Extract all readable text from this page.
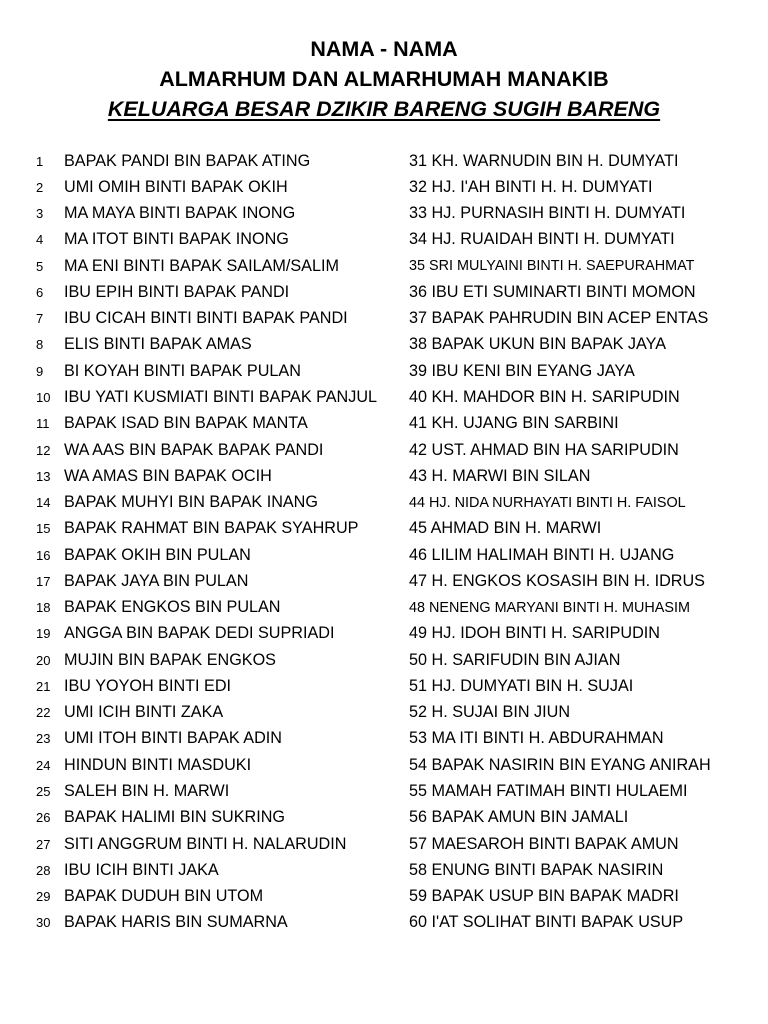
NAMA - NAMA
ALMARHUM DAN ALMARHUMAH MANAKIB
KELUARGA BESAR DZIKIR BARENG SUGIH BARENG
1	BAPAK PANDI BIN BAPAK ATING
2	UMI OMIH BINTI BAPAK OKIH
3	MA MAYA BINTI BAPAK INONG
4	MA ITOT BINTI BAPAK INONG
5	MA ENI BINTI BAPAK SAILAM/SALIM
6	IBU EPIH BINTI BAPAK PANDI
7	IBU CICAH BINTI BINTI BAPAK PANDI
8	ELIS BINTI BAPAK AMAS
9	BI KOYAH BINTI BAPAK PULAN
10 IBU YATI KUSMIATI BINTI BAPAK PANJUL
11 BAPAK ISAD BIN BAPAK MANTA
12 WA AAS BIN BAPAK BAPAK PANDI
13 WA AMAS BIN BAPAK OCIH
14 BAPAK MUHYI BIN BAPAK INANG
15 BAPAK RAHMAT BIN BAPAK SYAHRUP
16 BAPAK OKIH BIN PULAN
17 BAPAK JAYA BIN PULAN
18 BAPAK ENGKOS BIN PULAN
19 ANGGA BIN BAPAK DEDI SUPRIADI
20 MUJIN BIN BAPAK ENGKOS
21 IBU YOYOH BINTI EDI
22 UMI ICIH BINTI ZAKA
23 UMI ITOH BINTI BAPAK ADIN
24 HINDUN BINTI MASDUKI
25 SALEH BIN H. MARWI
26 BAPAK HALIMI BIN SUKRING
27 SITI ANGGRUM BINTI H. NALARUDIN
28 IBU ICIH BINTI JAKA
29 BAPAK DUDUH BIN UTOM
30 BAPAK HARIS BIN SUMARNA
31 KH. WARNUDIN BIN H. DUMYATI
32 HJ. I'AH BINTI H. H. DUMYATI
33 HJ. PURNASIH BINTI H. DUMYATI
34 HJ. RUAIDAH BINTI H. DUMYATI
35 SRI MULYAINI BINTI H. SAEPURAHMAT
36 IBU ETI SUMINARTI BINTI MOMON
37 BAPAK PAHRUDIN BIN ACEP ENTAS
38 BAPAK UKUN BIN BAPAK JAYA
39 IBU KENI BIN EYANG JAYA
40 KH. MAHDOR BIN H. SARIPUDIN
41 KH. UJANG BIN SARBINI
42 UST. AHMAD BIN HA SARIPUDIN
43 H. MARWI BIN SILAN
44 HJ. NIDA NURHAYATI BINTI H. FAISOL
45 AHMAD BIN H. MARWI
46 LILIM HALIMAH BINTI H. UJANG
47 H. ENGKOS KOSASIH BIN H. IDRUS
48 NENENG MARYANI BINTI H. MUHASIM
49 HJ. IDOH BINTI H. SARIPUDIN
50 H. SARIFUDIN BIN AJIAN
51 HJ. DUMYATI BIN H. SUJAI
52 H. SUJAI BIN JIUN
53 MA ITI BINTI H. ABDURAHMAN
54 BAPAK NASIRIN BIN EYANG ANIRAH
55 MAMAH FATIMAH BINTI HULAEMI
56 BAPAK AMUN BIN JAMALI
57 MAESAROH BINTI BAPAK AMUN
58 ENUNG BINTI BAPAK NASIRIN
59 BAPAK USUP BIN BAPAK MADRI
60 I'AT SOLIHAT BINTI BAPAK USUP
